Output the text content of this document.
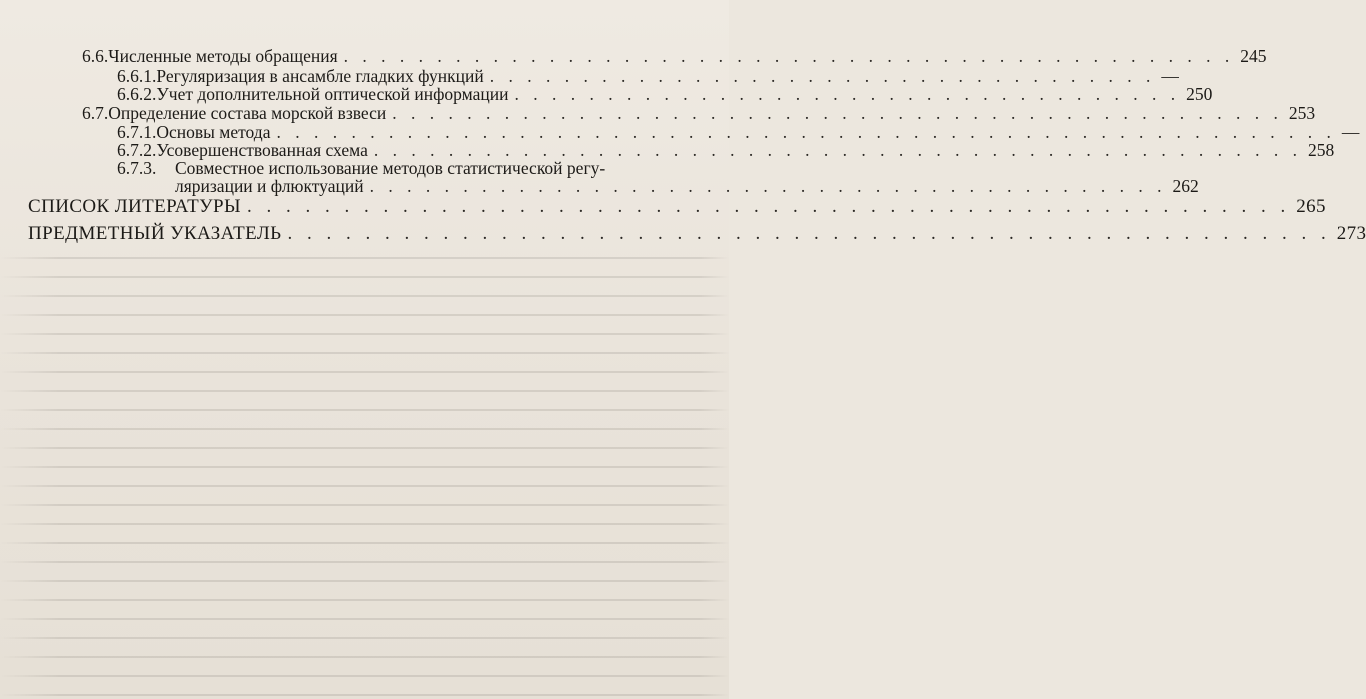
6.6. Численные методы обращения . . . . . . . . . . . . . . . . . . . . . . . . . . . . . . . . . . . . . . . . . . . . . . . . 245
6.6.1. Регуляризация в ансамбле гладких функций . . . . . . . . . . . . . . . . . . . . . . . . . . . . . . . . . . . . —
6.6.2. Учет дополнительной оптической информации . . . . . . . . . . . . . . . . . . . . . . . . . . . . . . . . . . . . 250
6.7. Определение состава морской взвеси . . . . . . . . . . . . . . . . . . . . . . . . . . . . . . . . . . . . . . . . . . . . . . . . 253
6.7.1. Основы метода . . . . . . . . . . . . . . . . . . . . . . . . . . . . . . . . . . . . . . . . . . . . . . . . . . . . . . . . . —
6.7.2. Усовершенствованная схема . . . . . . . . . . . . . . . . . . . . . . . . . . . . . . . . . . . . . . . . . . . . . . . . . . 258
6.7.3.	Совместное использование методов статистической регу-
ляризации и флюктуаций . . . . . . . . . . . . . . . . . . . . . . . . . . . . . . . . . . . . . . . . . . . 262
СПИСОК ЛИТЕРАТУРЫ . . . . . . . . . . . . . . . . . . . . . . . . . . . . . . . . . . . . . . . . . . . . . . . . . . . . . . 265
ПРЕДМЕТНЫЙ УКАЗАТЕЛЬ . . . . . . . . . . . . . . . . . . . . . . . . . . . . . . . . . . . . . . . . . . . . . . . . . . . . . . 273
